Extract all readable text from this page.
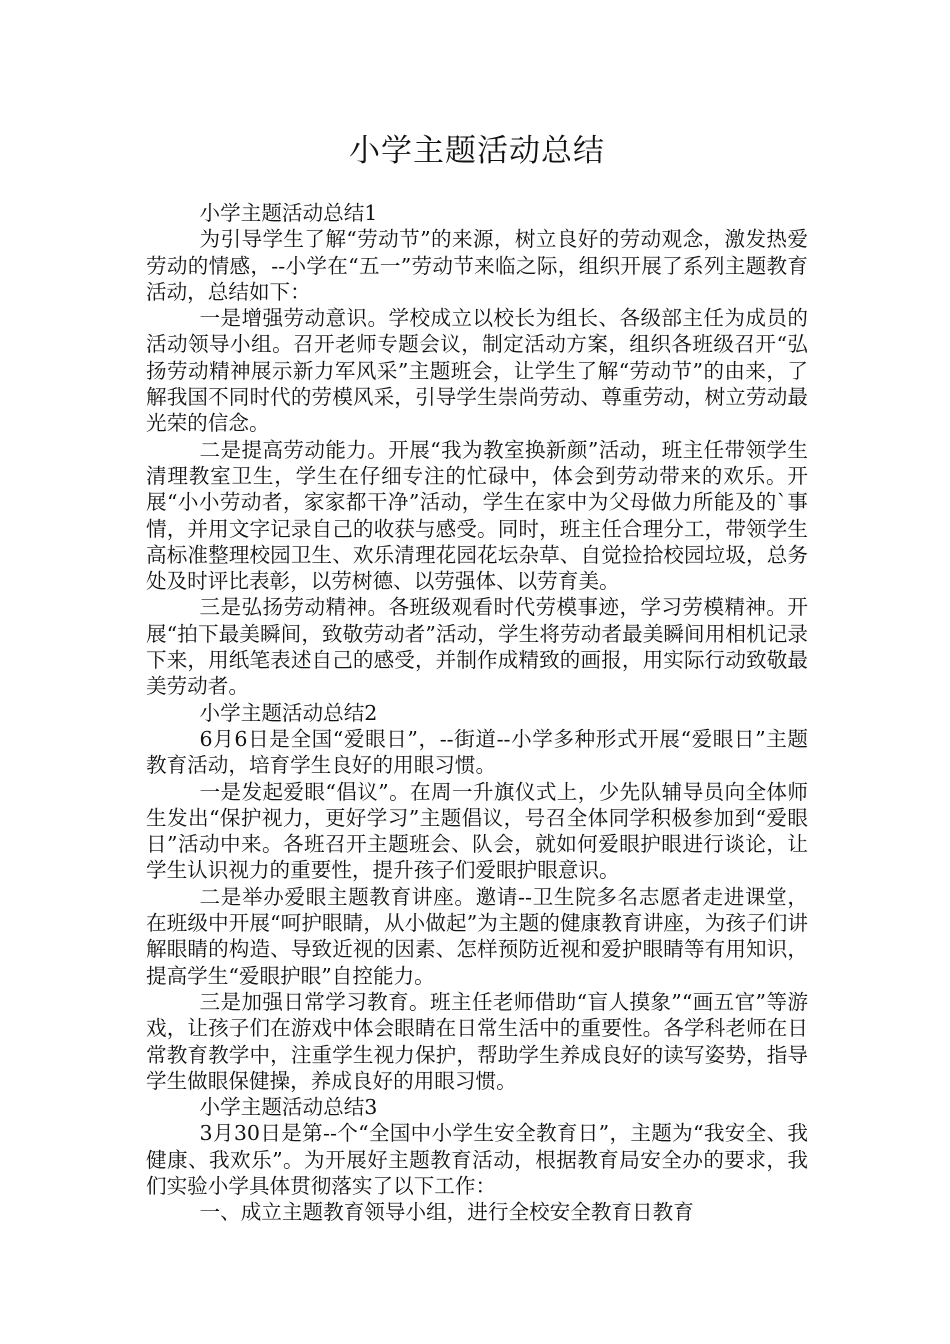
小学主题活动总结

小学主题活动总结1

为引导学生了解“劳动节”的来源，树立良好的劳动观念，激发热爱劳动的情感，--小学在“五一”劳动节来临之际，组织开展了系列主题教育活动，总结如下：

一是增强劳动意识。学校成立以校长为组长、各级部主任为成员的活动领导小组。召开老师专题会议，制定活动方案，组织各班级召开“弘扬劳动精神展示新力军风采”主题班会，让学生了解“劳动节”的由来，了解我国不同时代的劳模风采，引导学生崇尚劳动、尊重劳动，树立劳动最光荣的信念。

二是提高劳动能力。开展“我为教室换新颜”活动，班主任带领学生清理教室卫生，学生在仔细专注的忙碌中，体会到劳动带来的欢乐。开展“小小劳动者，家家都干净”活动，学生在家中为父母做力所能及的`事情，并用文字记录自己的收获与感受。同时，班主任合理分工，带领学生高标准整理校园卫生、欢乐清理花园花坛杂草、自觉捡拾校园垃圾，总务处及时评比表彰，以劳树德、以劳强体、以劳育美。

三是弘扬劳动精神。各班级观看时代劳模事迹，学习劳模精神。开展“拍下最美瞬间，致敬劳动者”活动，学生将劳动者最美瞬间用相机记录下来，用纸笔表述自己的感受，并制作成精致的画报，用实际行动致敬最美劳动者。

小学主题活动总结2

6月6日是全国“爱眼日”，--街道--小学多种形式开展“爱眼日”主题教育活动，培育学生良好的用眼习惯。

一是发起爱眼“倡议”。在周一升旗仪式上，少先队辅导员向全体师生发出“保护视力，更好学习”主题倡议，号召全体同学积极参加到“爱眼日”活动中来。各班召开主题班会、队会，就如何爱眼护眼进行谈论，让学生认识视力的重要性，提升孩子们爱眼护眼意识。

二是举办爱眼主题教育讲座。邀请--卫生院多名志愿者走进课堂，在班级中开展“呵护眼睛，从小做起”为主题的健康教育讲座，为孩子们讲解眼睛的构造、导致近视的因素、怎样预防近视和爱护眼睛等有用知识，提高学生“爱眼护眼”自控能力。

三是加强日常学习教育。班主任老师借助“盲人摸象”“画五官”等游戏，让孩子们在游戏中体会眼睛在日常生活中的重要性。各学科老师在日常教育教学中，注重学生视力保护，帮助学生养成良好的读写姿势，指导学生做眼保健操，养成良好的用眼习惯。

小学主题活动总结3

3月30日是第--个“全国中小学生安全教育日”，主题为“我安全、我健康、我欢乐”。为开展好主题教育活动，根据教育局安全办的要求，我们实验小学具体贯彻落实了以下工作：

一、成立主题教育领导小组，进行全校安全教育日教育
